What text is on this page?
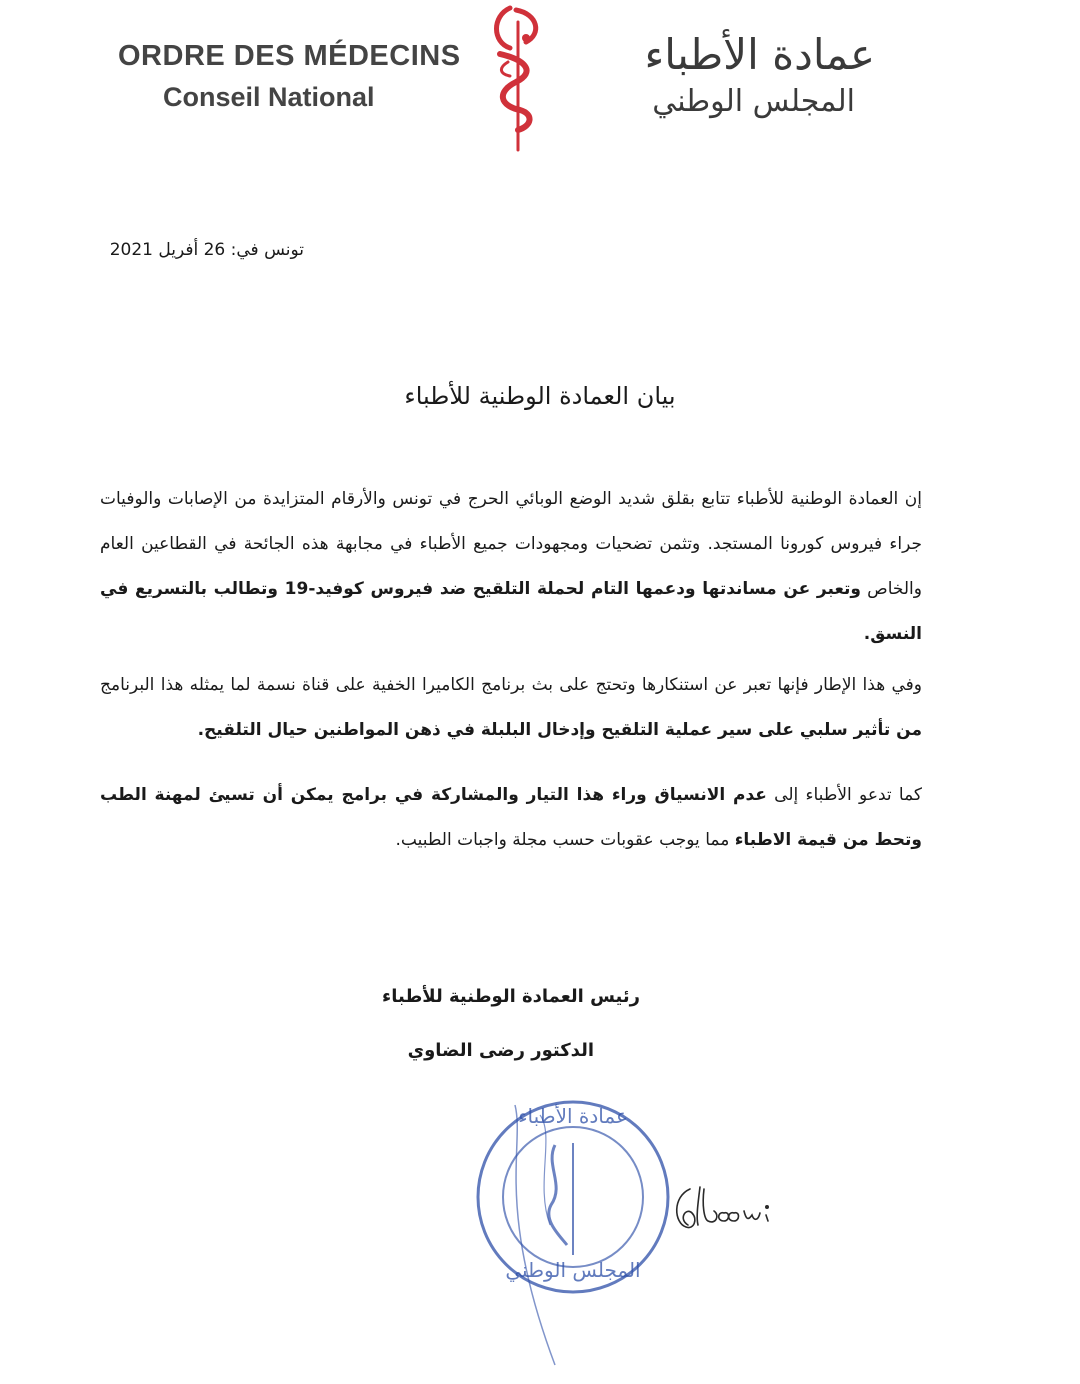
ORDRE DES MÉDECINS
Conseil National
عمادة الأطباء
المجلس الوطني
تونس في: 26 أفريل 2021
بيان العمادة الوطنية للأطباء
إن العمادة الوطنية للأطباء تتابع بقلق شديد الوضع الوبائي الحرج في تونس والأرقام المتزايدة من الإصابات والوفيات جراء فيروس كورونا المستجد. وتثمن تضحيات ومجهودات جميع الأطباء في مجابهة هذه الجائحة في القطاعين العام والخاص وتعبر عن مساندتها ودعمها التام لحملة التلقيح ضد فيروس كوفيد-19 وتطالب بالتسريع في النسق.
وفي هذا الإطار فإنها تعبر عن استنكارها وتحتج على بث برنامج الكاميرا الخفية على قناة نسمة لما يمثله هذا البرنامج من تأثير سلبي على سير عملية التلقيح وإدخال البلبلة في ذهن المواطنين حيال التلقيح.
كما تدعو الأطباء إلى عدم الانسياق وراء هذا التيار والمشاركة في برامج يمكن أن تسيئ لمهنة الطب وتحط من قيمة الاطباء مما يوجب عقوبات حسب مجلة واجبات الطبيب.
رئيس العمادة الوطنية للأطباء
الدكتور رضى الضاوي
عمادة الأطباء
المجلس الوطني
